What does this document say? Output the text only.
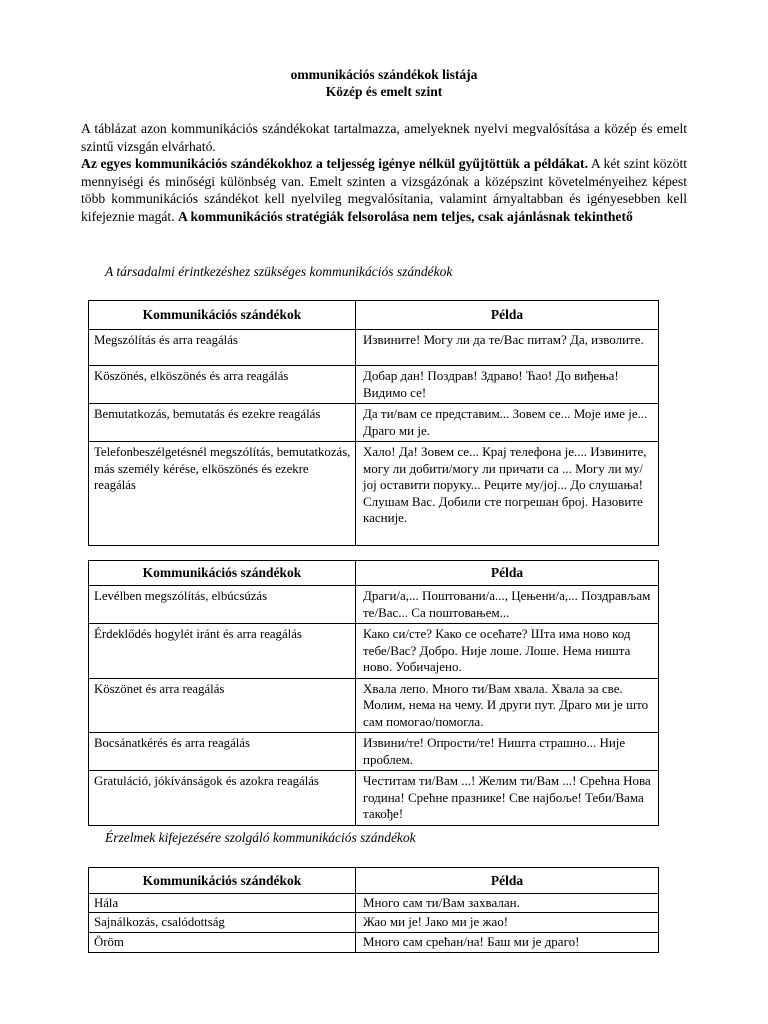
ommunikációs szándékok listája
Közép és emelt szint

A táblázat azon kommunikációs szándékokat tartalmazza, amelyeknek nyelvi megvalósítása a közép és emelt szintű vizsgán elvárható.

Az egyes kommunikációs szándékokhoz a teljesség igénye nélkül gyűjtöttük a példákat. A két szint között mennyiségi és minőségi különbség van. Emelt szinten a vizsgázónak a középszint követelményeihez képest több kommunikációs szándékot kell nyelvileg megvalósítania, valamint árnyaltabban és igényesebben kell kifejeznie magát. A kommunikációs stratégiák felsorolása nem teljes, csak ajánlásnak tekinthető

A társadalmi érintkezéshez szükséges kommunikációs szándékok
Kommunikációs szándékok	Példa
Megszólítás és arra reagálás	Извините! Могу ли да те/Вас питам? Да, изволите.
Köszönés, elköszönés és arra reagálás	Добар дан! Поздрав! Здраво! Ћао! До виђења! Видимо се!
Bemutatkozás, bemutatás és ezekre reagálás	Да ти/вам се представим... Зовем се... Моје име је... Драго ми је.
Telefonbeszélgetésnél megszólítás, bemutatkozás, más személy kérése, elköszönés és ezekre reagálás	Хало! Да! Зовем се... Крај телефона је.... Извините, могу ли добити/могу ли причати са ... Могу ли му/јој оставити поруку... Реците му/јој... До слушања!
Слушам Вас. Добили сте погрешан број. Назовите касније.
Kommunikációs szándékok	Példa
Levélben megszólítás, elbúcsúzás	Драги/а,... Поштовани/а..., Цењени/а,... Поздрављам те/Вас... Са поштовањем...
Érdeklődés hogylét iránt és arra reagálás	Како си/сте? Како се осећате? Шта има ново код тебе/Вас? Добро. Није лоше. Лоше. Нема ништа ново. Уобичајено.
Köszönet és arra reagálás	Хвала лепо. Много ти/Вам хвала. Хвала за све. Молим, нема на чему. И други пут. Драго ми је што сам помогао/помогла.
Bocsánatkérés és arra reagálás	Извини/те! Опрости/те! Ништа страшно... Није проблем.
Gratuláció, jókívánságok és azokra reagálás	Честитам ти/Вам ...! Желим ти/Вам ...! Срећна Нова година! Срећне празнике! Све најбоље! Теби/Вама такође!
Érzelmek kifejezésére szolgáló kommunikációs szándékok
Kommunikációs szándékok	Példa
Hála	Много сам ти/Вам захвалан.
Sajnálkozás, csalódottság	Жао ми је! Јако ми је жао!
Öröm	Много сам срећан/на! Баш ми је драго!
